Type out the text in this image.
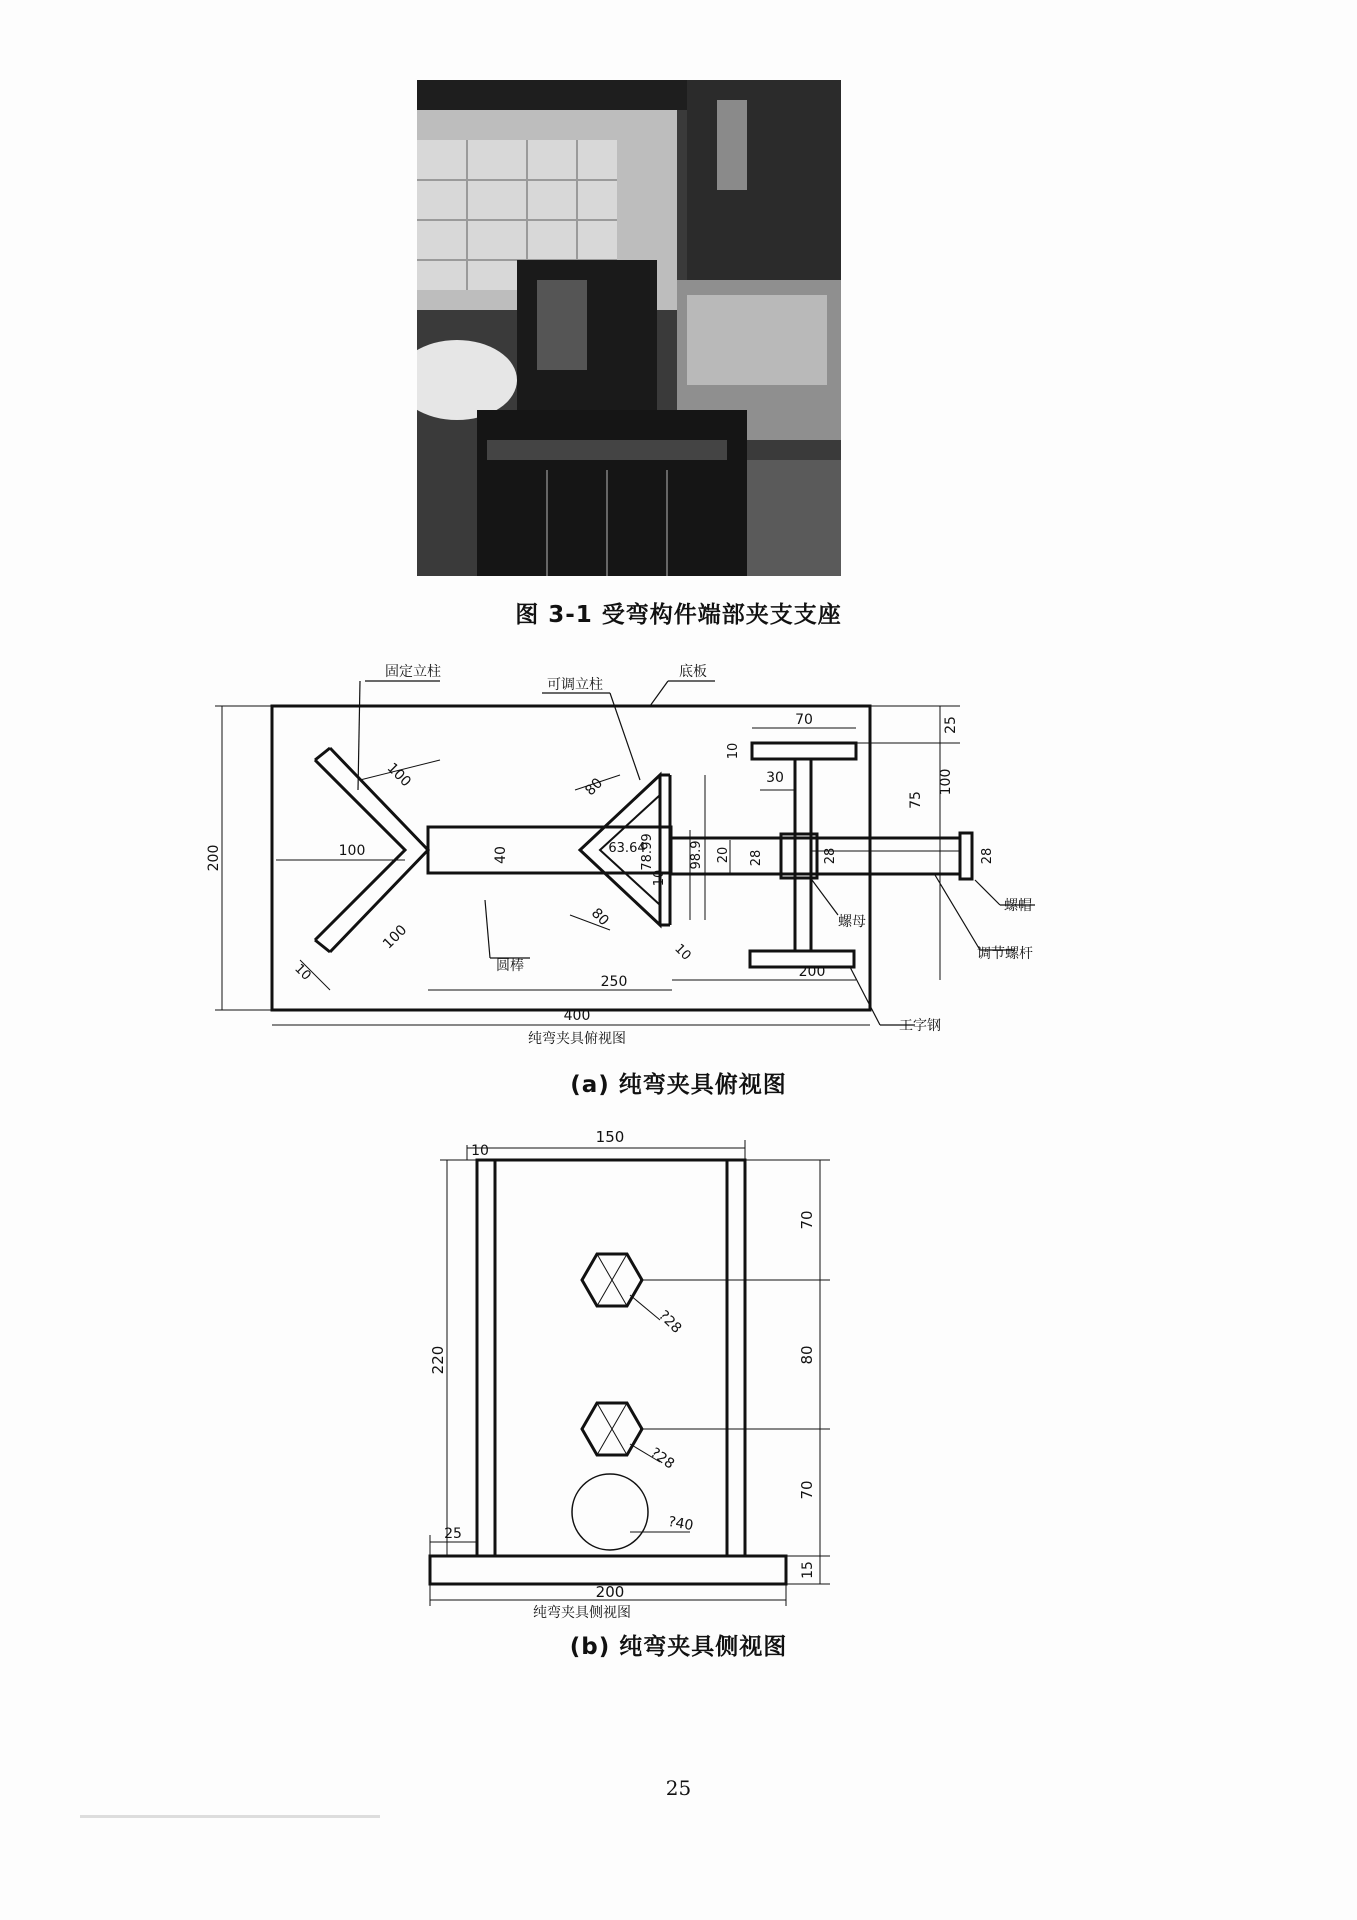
图 3-1 受弯构件端部夹支支座
固定立柱
可调立柱
底板
圆棒
螺母
调节螺杆
螺帽
工字钢
200
100
100
100
10
40
80
80
63.64
78.99
10
98.9 20 28	28	28
10
70
10
30
25
75
100
250
200
400
纯弯夹具俯视图
(a) 纯弯夹具俯视图
10
150
70
?28
80
220
?28
70
?40
25
15
200
纯弯夹具侧视图
(b) 纯弯夹具侧视图
25
